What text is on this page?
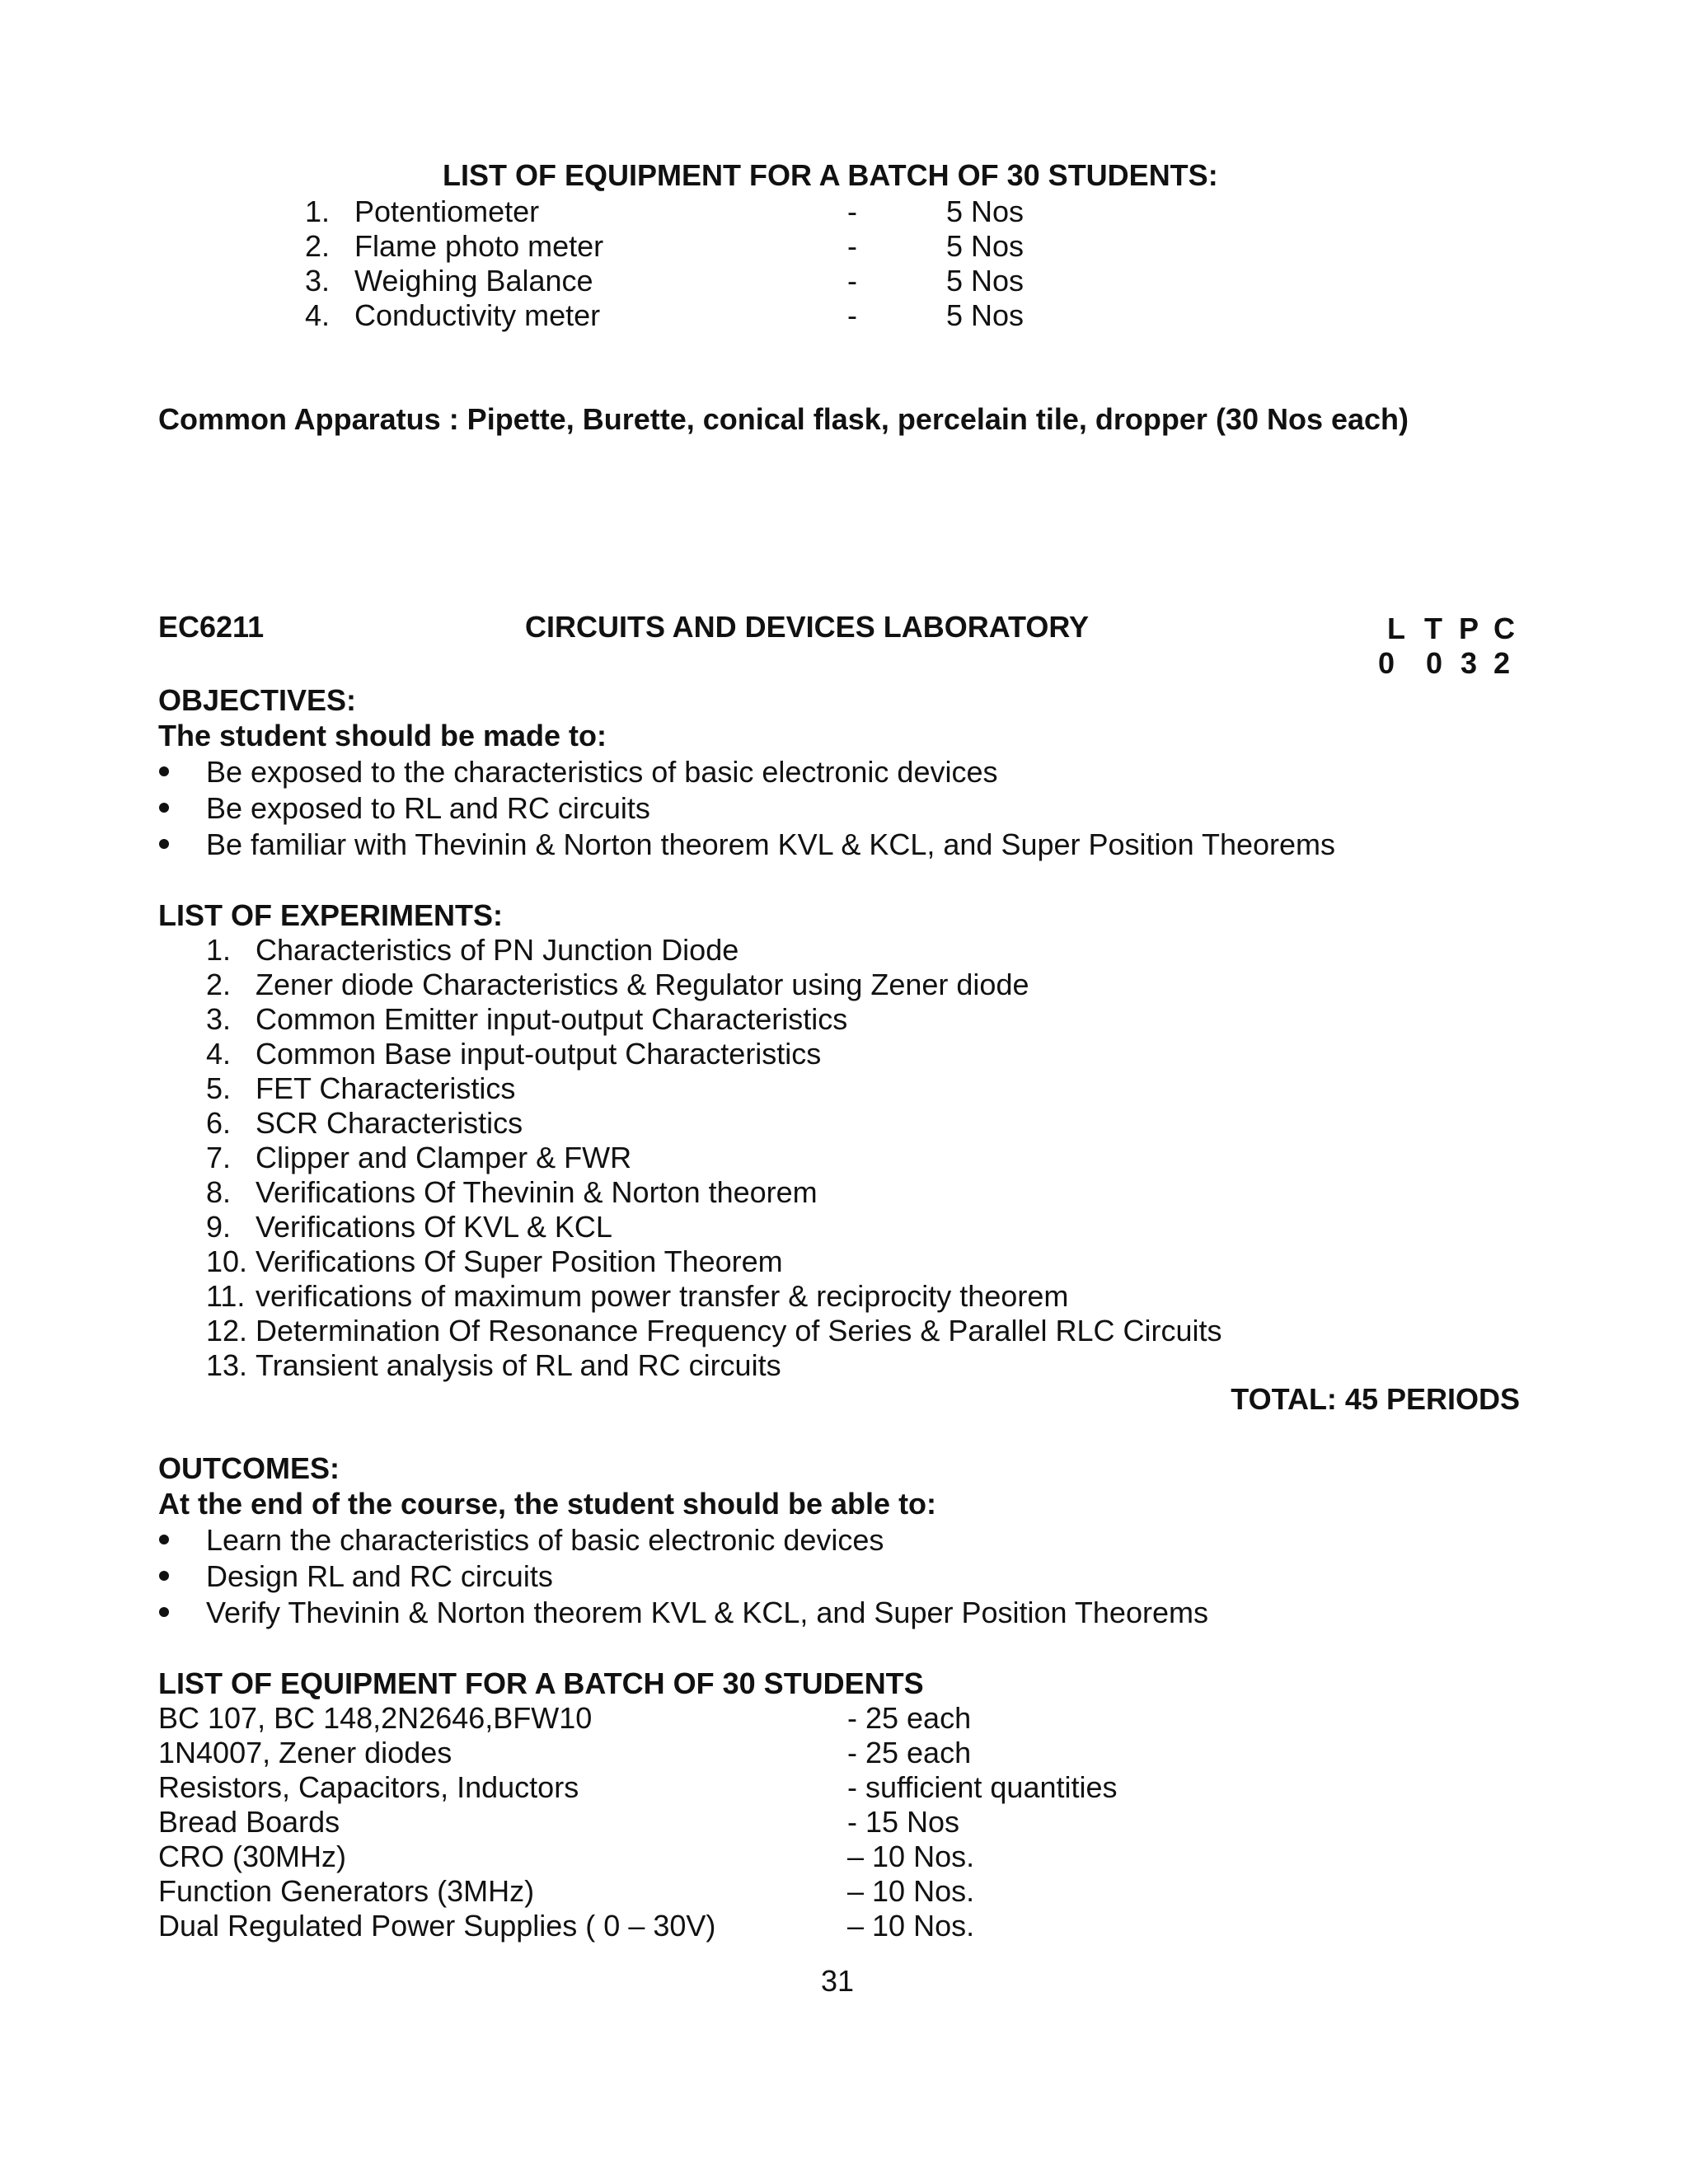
LIST OF EQUIPMENT FOR A BATCH OF 30 STUDENTS:
1. Potentiometer	-	5 Nos
2. Flame photo meter	-	5 Nos
3. Weighing Balance	-	5 Nos
4. Conductivity meter	-	5 Nos
Common Apparatus : Pipette, Burette, conical flask, percelain tile, dropper (30 Nos each)
EC6211	CIRCUITS AND DEVICES LABORATORY	L T P C
0 0 3 2
OBJECTIVES:
The student should be made to:
Be exposed to the characteristics of basic electronic devices
Be exposed to RL and RC circuits
Be familiar with Thevinin & Norton theorem KVL & KCL, and Super Position Theorems
LIST OF EXPERIMENTS:
1. Characteristics of PN Junction Diode
2. Zener diode Characteristics & Regulator using Zener diode
3. Common Emitter input-output Characteristics
4. Common Base input-output Characteristics
5. FET Characteristics
6. SCR Characteristics
7. Clipper and Clamper & FWR
8. Verifications Of Thevinin & Norton theorem
9. Verifications Of KVL & KCL
10. Verifications Of Super Position Theorem
11. verifications of maximum power transfer & reciprocity theorem
12. Determination Of Resonance Frequency of Series & Parallel RLC Circuits
13. Transient analysis of RL and RC circuits
TOTAL: 45 PERIODS
OUTCOMES:
At the end of the course, the student should be able to:
Learn the characteristics of basic electronic devices
Design RL and RC circuits
Verify Thevinin & Norton theorem KVL & KCL, and Super Position Theorems
LIST OF EQUIPMENT FOR A BATCH OF 30 STUDENTS
BC 107, BC 148,2N2646,BFW10	- 25 each
1N4007, Zener diodes	- 25 each
Resistors, Capacitors, Inductors	- sufficient quantities
Bread Boards	- 15 Nos
CRO (30MHz)	– 10 Nos.
Function Generators (3MHz)	– 10 Nos.
Dual Regulated Power Supplies ( 0 – 30V)	– 10 Nos.
31
